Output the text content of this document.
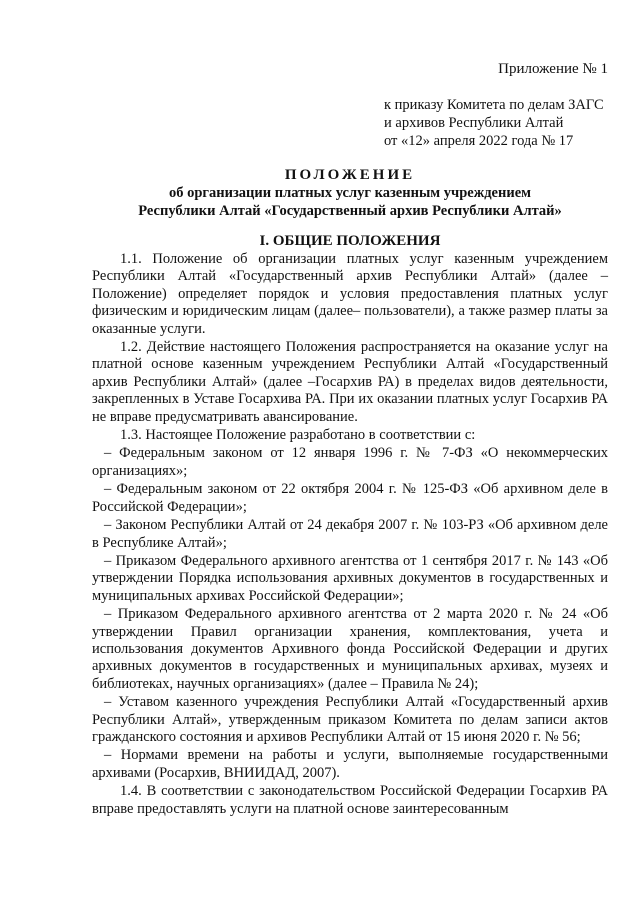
Приложение № 1
к приказу Комитета по делам ЗАГС
и архивов Республики Алтай
от «12» апреля 2022 года № 17
ПОЛОЖЕНИЕ
об организации платных услуг казенным учреждением
Республики Алтай «Государственный архив Республики Алтай»
I. ОБЩИЕ ПОЛОЖЕНИЯ

1.1. Положение об организации платных услуг казенным учреждением Республики Алтай «Государственный архив Республики Алтай» (далее – Положение) определяет порядок и условия предоставления платных услуг физическим и юридическим лицам (далее– пользователи), а также размер платы за оказанные услуги.

1.2. Действие настоящего Положения распространяется на оказание услуг на платной основе казенным учреждением Республики Алтай «Государственный архив Республики Алтай» (далее –Госархив РА) в пределах видов деятельности, закрепленных в Уставе Госархива РА. При их оказании платных услуг Госархив РА не вправе предусматривать авансирование.

1.3. Настоящее Положение разработано в соответствии с:

– Федеральным законом от 12 января 1996 г. № 7-ФЗ «О некоммерческих организациях»;

– Федеральным законом от 22 октября 2004 г. № 125-ФЗ «Об архивном деле в Российской Федерации»;

– Законом Республики Алтай от 24 декабря 2007 г. № 103-РЗ «Об архивном деле в Республике Алтай»;

– Приказом Федерального архивного агентства от 1 сентября 2017 г. № 143 «Об утверждении Порядка использования архивных документов в государственных и муниципальных архивах Российской Федерации»;

– Приказом Федерального архивного агентства от 2 марта 2020 г. № 24 «Об утверждении Правил организации хранения, комплектования, учета и использования документов Архивного фонда Российской Федерации и других архивных документов в государственных и муниципальных архивах, музеях и библиотеках, научных организациях» (далее – Правила № 24);

– Уставом казенного учреждения Республики Алтай «Государственный архив Республики Алтай», утвержденным приказом Комитета по делам записи актов гражданского состояния и архивов Республики Алтай от 15 июня 2020 г. № 56;

– Нормами времени на работы и услуги, выполняемые государственными архивами (Росархив, ВНИИДАД, 2007).

1.4. В соответствии с законодательством Российской Федерации Госархив РА вправе предоставлять услуги на платной основе заинтересованным
